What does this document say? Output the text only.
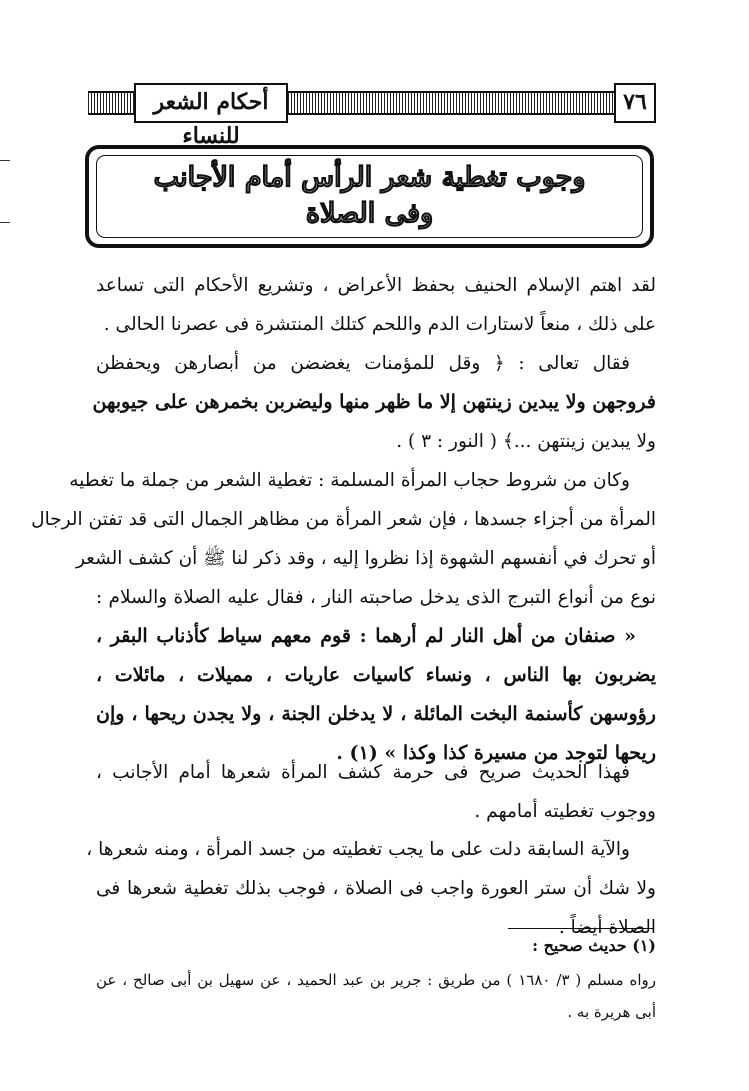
أحكام الشعر للنساء
٧٦
وجوب تغطية شعر الرأس أمام الأجانب
وفى الصلاة
لقد اهتم الإسلام الحنيف بحفظ الأعراض ، وتشريع الأحكام التى تساعد
على ذلك ، منعاً لاستارات الدم واللحم كتلك المنتشرة فى عصرنا الحالى .
فقال تعالى : ﴿ وقل للمؤمنات يغضضن من أبصارهن ويحفظن
فروجهن ولا يبدين زينتهن إلا ما ظهر منها وليضربن بخمرهن على جيوبهن
ولا يبدين زينتهن ...﴾ ( النور : ٣ ) .
وكان من شروط حجاب المرأة المسلمة : تغطية الشعر من جملة ما تغطيه
المرأة من أجزاء جسدها ، فإن شعر المرأة من مظاهر الجمال التى قد تفتن الرجال
أو تحرك في أنفسهم الشهوة إذا نظروا إليه ، وقد ذكر لنا ﷺ أن كشف الشعر
نوع من أنواع التبرج الذى يدخل صاحبته النار ، فقال عليه الصلاة والسلام :
« صنفان من أهل النار لم أرهما : قوم معهم سياط كأذناب البقر ،
يضربون بها الناس ، ونساء كاسيات عاريات ، مميلات ، مائلات ،
رؤوسهن كأسنمة البخت المائلة ، لا يدخلن الجنة ، ولا يجدن ريحها ، وإن
ريحها لتوجد من مسيرة كذا وكذا » (١) .
فهذا الحديث صريح فى حرمة كشف المرأة شعرها أمام الأجانب ،
ووجوب تغطيته أمامهم .
والآية السابقة دلت على ما يجب تغطيته من جسد المرأة ، ومنه شعرها ،
ولا شك أن ستر العورة واجب فى الصلاة ، فوجب بذلك تغطية شعرها فى
الصلاة أيضاً .
(١) حديث صحيح :
رواه مسلم ( ٣/ ١٦٨٠ ) من طريق : جرير بن عبد الحميد ، عن سهيل بن أبى صالح ، عن
أبى هريرة به .
